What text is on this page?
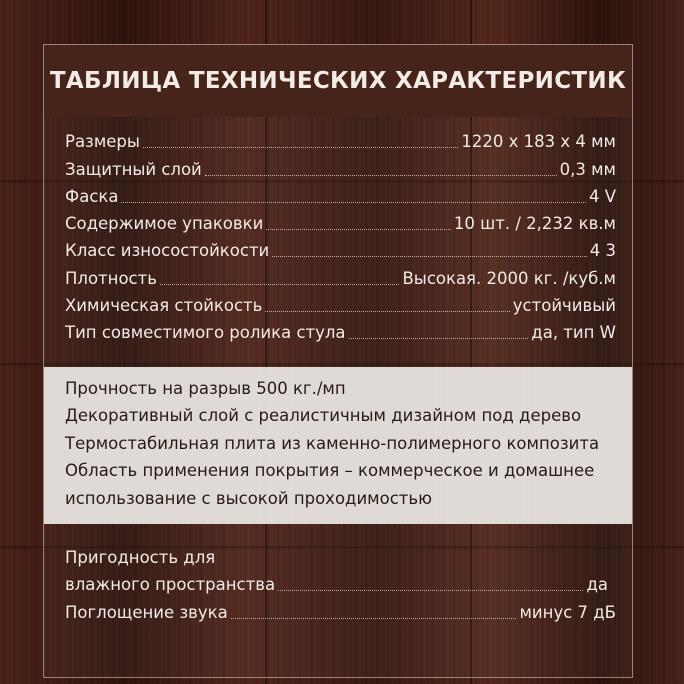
ТАБЛИЦА ТЕХНИЧЕСКИХ ХАРАКТЕРИСТИК
Размеры	1220 x 183 x 4 мм
Защитный слой	0,3 мм
Фаска	4 V
Содержимое упаковки	10 шт. / 2,232 кв.м
Класс износостойкости	4 3
Плотность	Высокая. 2000 кг. /куб.м
Химическая стойкость	устойчивый
Тип совместимого ролика стула	да, тип W
Прочность на разрыв 500 кг./мп
Декоративный слой с реалистичным дизайном под дерево
Термостабильная плита из каменно-полимерного композита
Область применения покрытия – коммерческое и домашнее
использование с высокой проходимостью
Пригодность для
влажного пространства	да
Поглощение звука	минус 7 дБ
